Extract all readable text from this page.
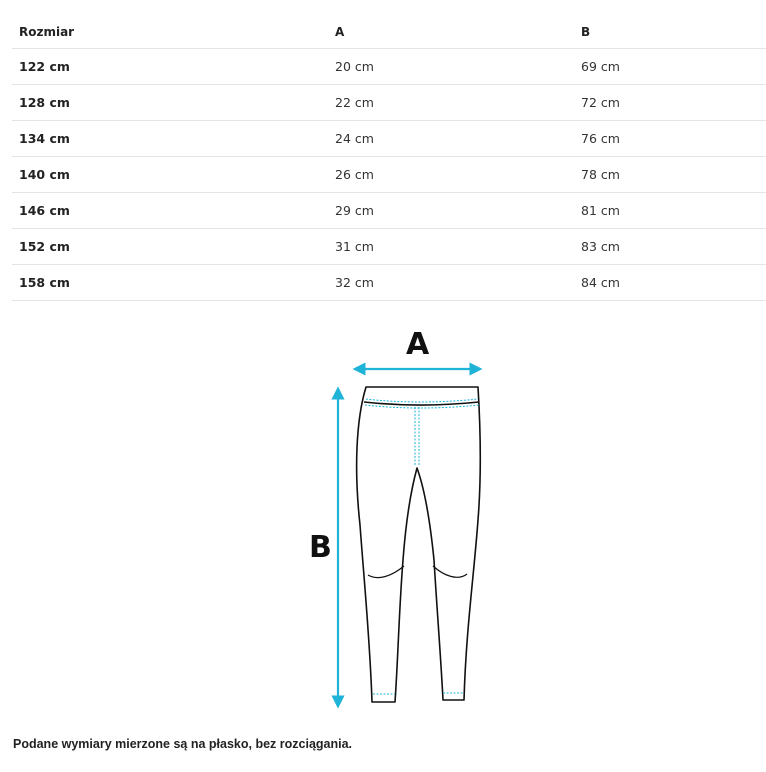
Rozmiar	A	B
122 cm	20 cm	69 cm
128 cm	22 cm	72 cm
134 cm	24 cm	76 cm
140 cm	26 cm	78 cm
146 cm	29 cm	81 cm
152 cm	31 cm	83 cm
158 cm	32 cm	84 cm
A
B
Podane wymiary mierzone są na płasko, bez rozciągania.
